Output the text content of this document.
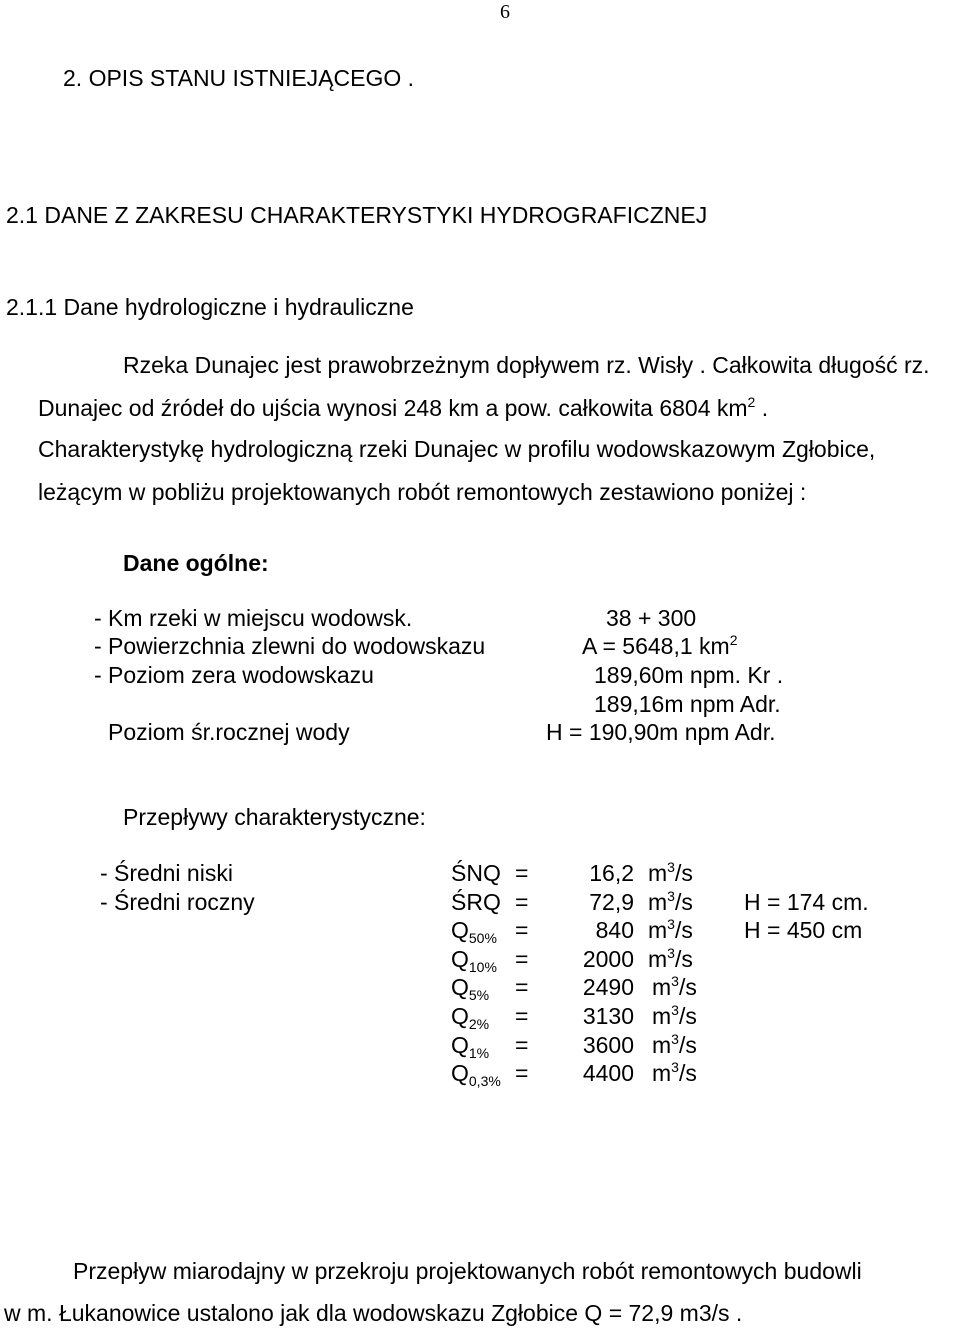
6
2. OPIS STANU ISTNIEJĄCEGO .
2.1 DANE Z ZAKRESU CHARAKTERYSTYKI HYDROGRAFICZNEJ
2.1.1 Dane hydrologiczne i hydrauliczne
Rzeka Dunajec jest prawobrzeżnym dopływem rz. Wisły . Całkowita długość rz.
Dunajec od źródeł do ujścia wynosi 248 km a pow. całkowita 6804 $km^2$ .
Charakterystykę hydrologiczną rzeki Dunajec w profilu wodowskazowym Zgłobice,
leżącym w pobliżu projektowanych robót remontowych zestawiono poniżej :
Dane ogólne:
- Km rzeki w miejscu wodowsk.	38 + 300
- Powierzchnia zlewni do wodowskazu	A = 5648,1 $km^2$
- Poziom zera wodowskazu	189,60m npm. Kr .
189,16m npm Adr.
Poziom śr.rocznej wody	H = 190,90m npm Adr.
Przepływy charakterystyczne:
- Średni niski	ŚNQ =	16,2 $m^3/s$
- Średni roczny	ŚRQ =	72,9 $m^3/s$ H = 174 cm.
$Q_{50\%}$ =	840 $m^3/s$ H = 450 cm
$Q_{10\%}$ =	2000 $m^3/s$
$Q_{5\%}$ =	2490 $m^3/s$
$Q_{2\%}$ =	3130 $m^3/s$
$Q_{1\%}$ =	3600 $m^3/s$
$Q_{0,3\%}$ =	4400 $m^3/s$
Przepływ miarodajny w przekroju projektowanych robót remontowych budowli
w m. Łukanowice ustalono jak dla wodowskazu Zgłobice Q = 72,9 m3/s .
